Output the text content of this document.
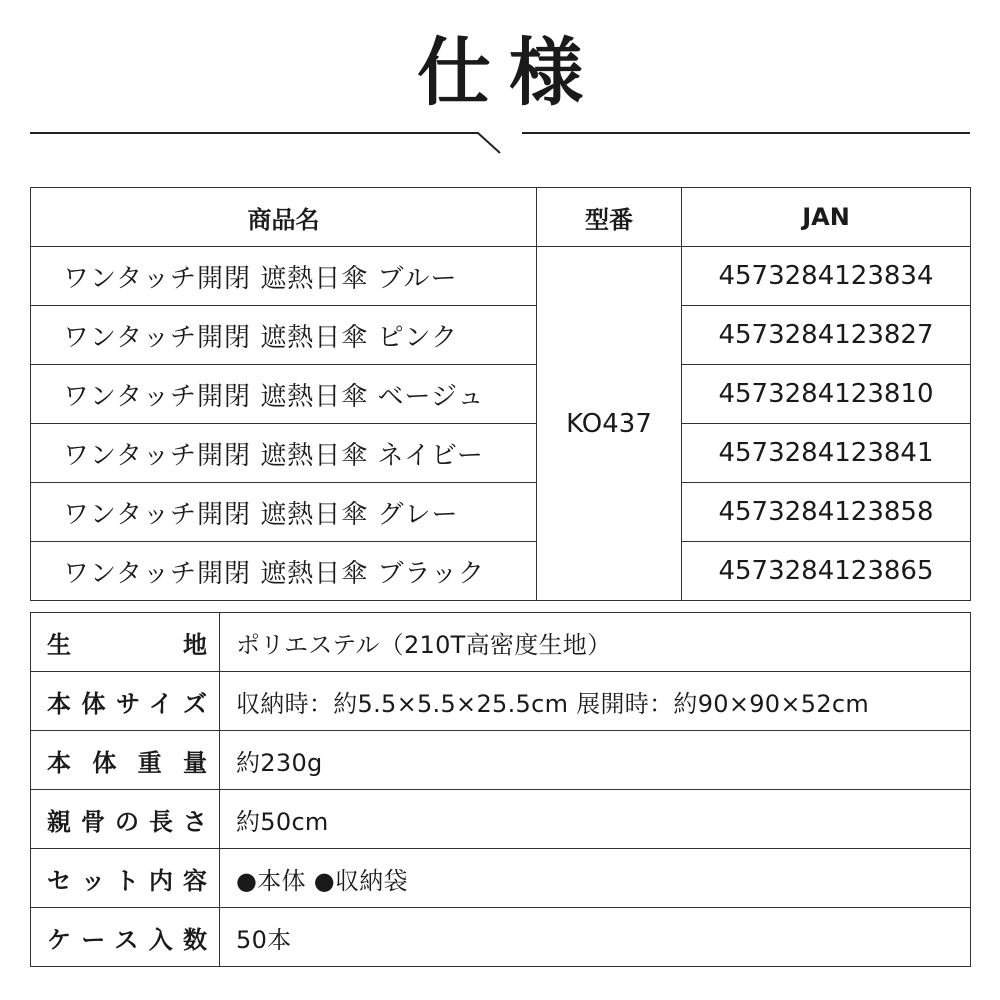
仕様
商品名	型番	JAN
ワンタッチ開閉 遮熱日傘 ブルー	KO437	4573284123834
ワンタッチ開閉 遮熱日傘 ピンク		4573284123827
ワンタッチ開閉 遮熱日傘 ベージュ		4573284123810
ワンタッチ開閉 遮熱日傘 ネイビー		4573284123841
ワンタッチ開閉 遮熱日傘 グレー		4573284123858
ワンタッチ開閉 遮熱日傘 ブラック		4573284123865
生地	ポリエステル（210T高密度生地）
本体サイズ	収納時：約5.5×5.5×25.5cm 展開時：約90×90×52cm
本体重量	約230g
親骨の長さ	約50cm
セット内容	●本体 ●収納袋
ケース入数	50本
